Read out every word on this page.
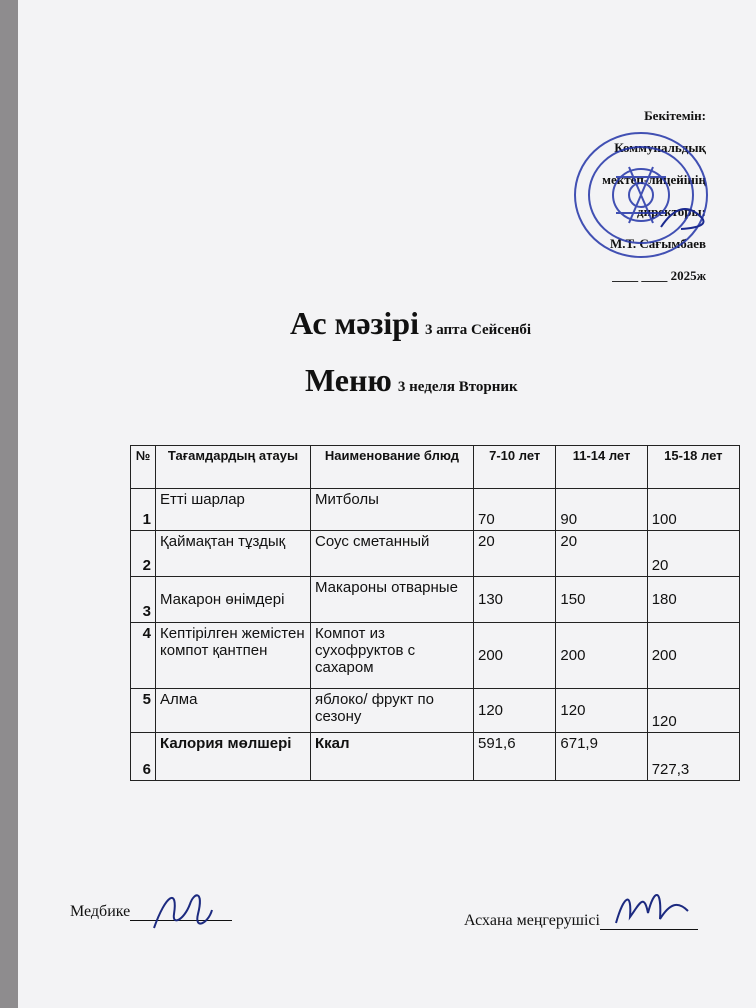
Бекітемін:
Коммунальдық
мектеп-лицейінің
директоры:
М.Т. Сағымбаев
____ ____ 2025ж
Ас мәзірі 3 апта Сейсенбі
Меню 3 неделя Вторник
№	Тағамдардың атауы	Наименование блюд	7-10 лет	11-14 лет	15-18 лет
1	Етті шарлар	Митболы	70	90	100
2	Қаймақтан тұздық	Соус сметанный	20	20	20
3	Макарон өнімдері	Макароны отварные	130	150	180
4	Кептірілген жемістен компот қантпен	Компот из сухофруктов с сахаром	200	200	200
5	Алма	яблоко/ фрукт по сезону	120	120	120
6	Калория мөлшері	Ккал	591,6	671,9	727,3
Медбике
Асхана меңгерушісі
